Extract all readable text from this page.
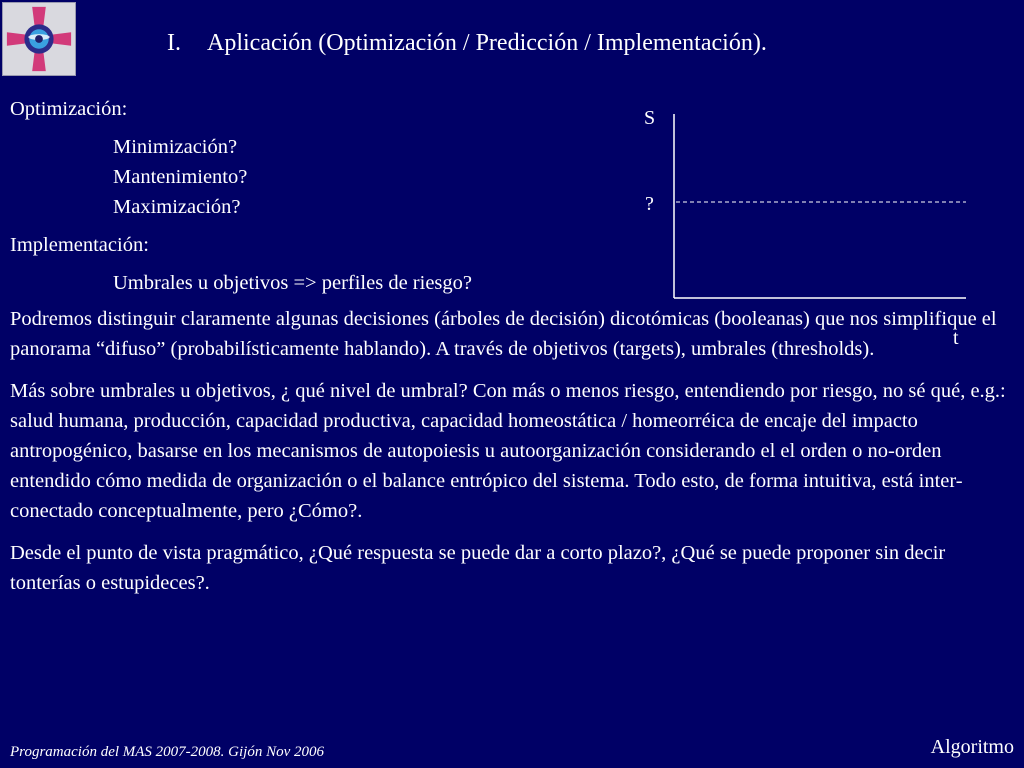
I. Aplicación (Optimización / Predicción / Implementación).
Optimización:
Minimización?
Mantenimiento?
Maximización?
Implementación:
Umbrales u objetivos => perfiles de riesgo?
Podremos distinguir claramente algunas decisiones (árboles de decisión) dicotómicas (booleanas) que nos simplifique el panorama “difuso” (probabilísticamente hablando). A través de objetivos (targets), umbrales (thresholds).
Más sobre umbrales u objetivos, ¿ qué nivel de umbral? Con más o menos riesgo, entendiendo por riesgo, no sé qué, e.g.: salud humana, producción, capacidad productiva, capacidad homeostática / homeorréica de encaje del impacto antropogénico, basarse en los mecanismos de autopoiesis u autoorganización considerando el el orden o no-orden entendido cómo medida de organización o el balance entrópico del sistema. Todo esto, de forma intuitiva, está inter-conectado conceptualmente, pero ¿Cómo?.
Desde el punto de vista pragmático, ¿Qué respuesta se puede dar a corto plazo?, ¿Qué se puede proponer sin decir tonterías o estupideces?.
S
?
t
Programación del MAS 2007-2008. Gijón Nov 2006	Algoritmo
